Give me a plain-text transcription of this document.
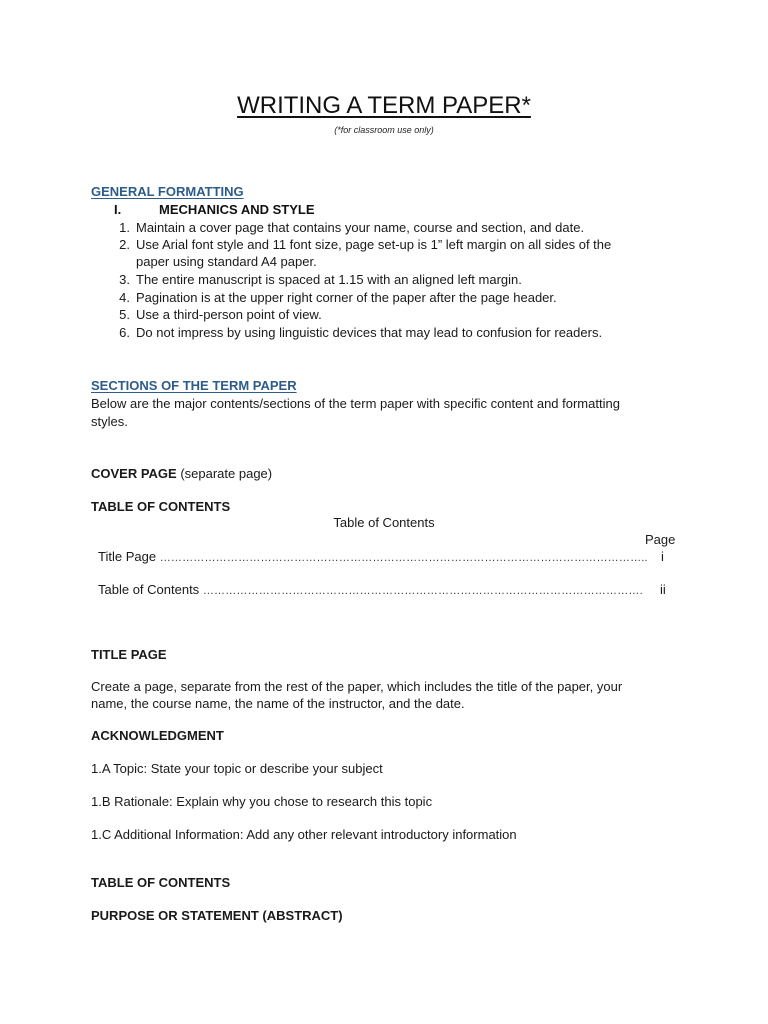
WRITING A TERM PAPER*
(*for classroom use only)
GENERAL FORMATTING
I.	MECHANICS AND STYLE
1. Maintain a cover page that contains your name, course and section, and date.
2. Use Arial font style and 11 font size, page set-up is 1” left margin on all sides of the
paper using standard A4 paper.
3. The entire manuscript is spaced at 1.15 with an aligned left margin.
4. Pagination is at the upper right corner of the paper after the page header.
5. Use a third-person point of view.
6. Do not impress by using linguistic devices that may lead to confusion for readers.
SECTIONS OF THE TERM PAPER
Below are the major contents/sections of the term paper with specific content and formatting
styles.
COVER PAGE (separate page)
TABLE OF CONTENTS
Table of Contents
Page
Title Page ………………………………………………………………………………………………………………….. i
Table of Contents ………………………………………………………………………………………………………. ii
TITLE PAGE
Create a page, separate from the rest of the paper, which includes the title of the paper, your
name, the course name, the name of the instructor, and the date.
ACKNOWLEDGMENT
1.A Topic: State your topic or describe your subject
1.B Rationale: Explain why you chose to research this topic
1.C Additional Information: Add any other relevant introductory information
TABLE OF CONTENTS
PURPOSE OR STATEMENT (ABSTRACT)
